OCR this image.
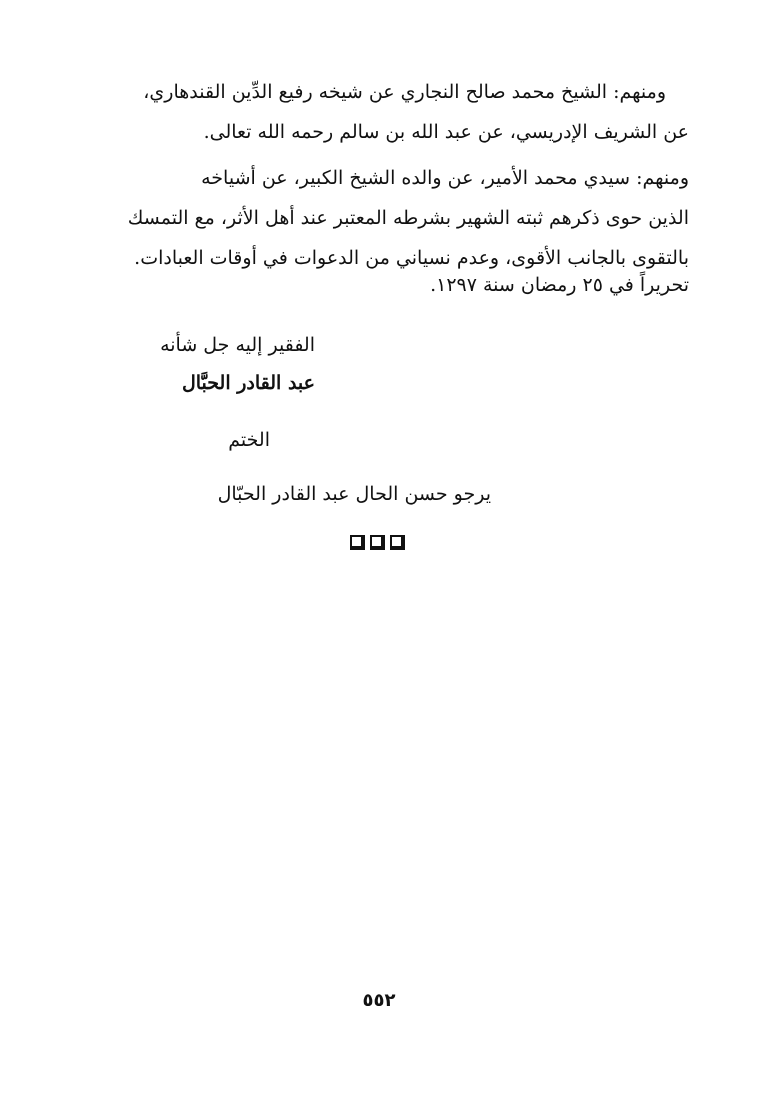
ومنهم: الشيخ محمد صالح النجاري عن شيخه رفيع الدِّين القندهاري،
عن الشريف الإدريسي، عن عبد الله بن سالم رحمه الله تعالى.
ومنهم: سيدي محمد الأمير، عن والده الشيخ الكبير، عن أشياخه
الذين حوى ذكرهم ثبته الشهير بشرطه المعتبر عند أهل الأثر، مع التمسك
بالتقوى بالجانب الأقوى، وعدم نسياني من الدعوات في أوقات العبادات.
تحريراً في ٢٥ رمضان سنة ١٢٩٧.
الفقير إليه جل شأنه
عبد القادر الحبَّال
الختم
يرجو حسن الحال عبد القادر الحبّال
٥٥٢
